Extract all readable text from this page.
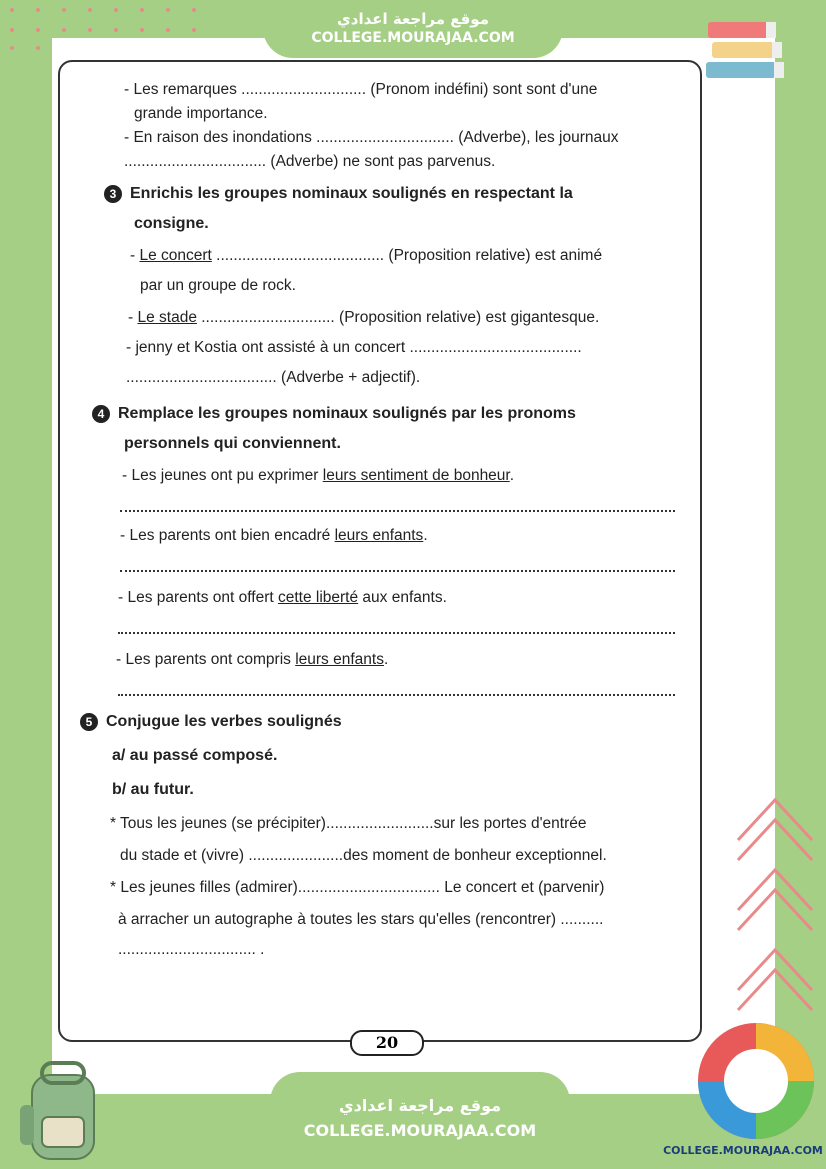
موقع مراجعة اعدادي
COLLEGE.MOURAJAA.COM
- Les remarques ............................. (Pronom indéfini) sont sont d'une
grande importance.
- En raison des inondations ................................ (Adverbe), les journaux
................................. (Adverbe) ne sont pas parvenus.
3 Enrichis les groupes nominaux soulignés en respectant la
consigne.
- Le concert ....................................... (Proposition relative) est animé
par un groupe de rock.
- Le stade ............................... (Proposition relative) est gigantesque.
- jenny et Kostia ont assisté à un concert ........................................
................................... (Adverbe + adjectif).
4 Remplace les groupes nominaux soulignés par les pronoms
personnels qui conviennent.
- Les jeunes ont pu exprimer leurs sentiment de bonheur.
- Les parents ont bien encadré leurs enfants.
- Les parents ont offert cette liberté aux enfants.
- Les parents ont compris leurs enfants.
5 Conjugue les verbes soulignés
a/ au passé composé.
b/ au futur.
* Tous les jeunes (se précipiter).........................sur les portes d'entrée
du stade et (vivre) ......................des moment de bonheur exceptionnel.
* Les jeunes filles (admirer)................................. Le concert et (parvenir)
à arracher un autographe à toutes les stars qu'elles (rencontrer) ..........
................................ .
20
موقع مراجعة اعدادي
COLLEGE.MOURAJAA.COM
COLLEGE.MOURAJAA.COM
